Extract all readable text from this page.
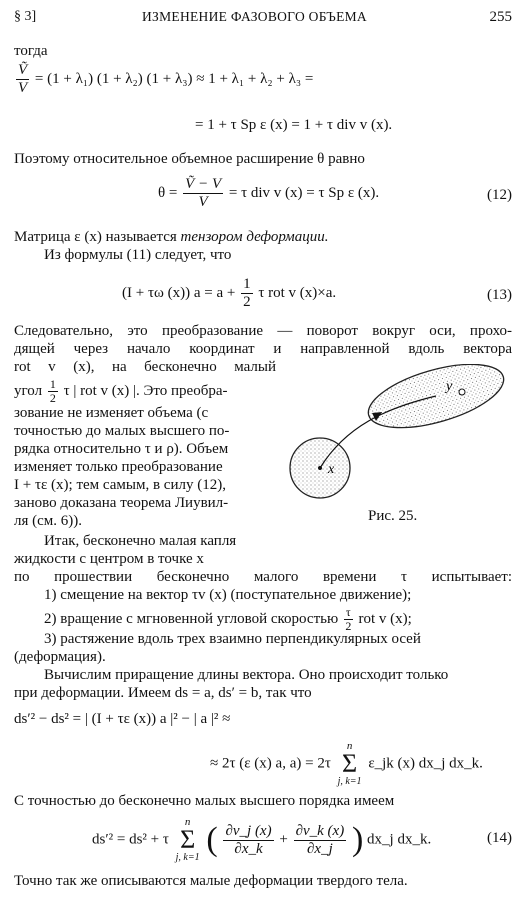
§ 3]	ИЗМЕНЕНИЕ ФАЗОВОГО ОБЪЕМА	255
тогда
$\frac{\text{Ṽ}}{V} = (1 + \lambda_1) (1 + \lambda_2) (1 + \lambda_3) \approx 1 + \lambda_1 + \lambda_2 + \lambda_3$ =
= 1 + τ Sp ε (x) = 1 + τ div v (x).
Поэтому относительное объемное расширение θ равно
$\theta = \frac{\text{Ṽ − V}}{V} = \tau$ div v (x) = τ Sp ε (x).	(12)
Матрица ε (x) называется тензором деформации.
Из формулы (11) следует, что
(I + τω (x)) $a = a + \frac{1}{2}$ τ rot v (x)×a.	(13)
Следовательно, это преобразование — поворот вокруг оси, прохо-
дящей через начало координат и направленной вдоль вектора
rot v (x), на бесконечно малый
угол $\frac{1}{2}$ τ | rot v (x) |. Это преобра-
зование не изменяет объема (с
точностью до малых высшего по-
рядка относительно τ и ρ). Объем
изменяет только преобразование
I + τε (x); тем самым, в силу (12),
заново доказана теорема Лиувил-
ля (см. 6)).
Итак, бесконечно малая капля
жидкости с центром в точке x
x
y
Рис. 25.
по прошествии бесконечно малого времени τ испытывает:
1) смещение на вектор τv (x) (поступательное движение);
2) вращение с мгновенной угловой скоростью $\frac{\tau}{2}$ rot v (x);
3) растяжение вдоль трех взаимно перпендикулярных осей
(деформация).
Вычислим приращение длины вектора. Оно происходит только
при деформации. Имеем ds = a, ds′ = b, так что
ds′² − ds² = | (I + τε (x)) a |² − | a |² ≈
≈ 2τ (ε (x) a, a) = 2τ
n
Σ
j, k=1
ε_jk (x) dx_j dx_k.
С точностью до бесконечно малых высшего порядка имеем
ds′² = ds² + τ
n
Σ
j, k=1 ( $\frac{\partial v\_j (x)}{\partial x\_k} + \frac{\partial v\_k (x)}{\partial x\_j}$ ) dx_j dx_k.	(14)
Точно так же описываются малые деформации твердого тела.
